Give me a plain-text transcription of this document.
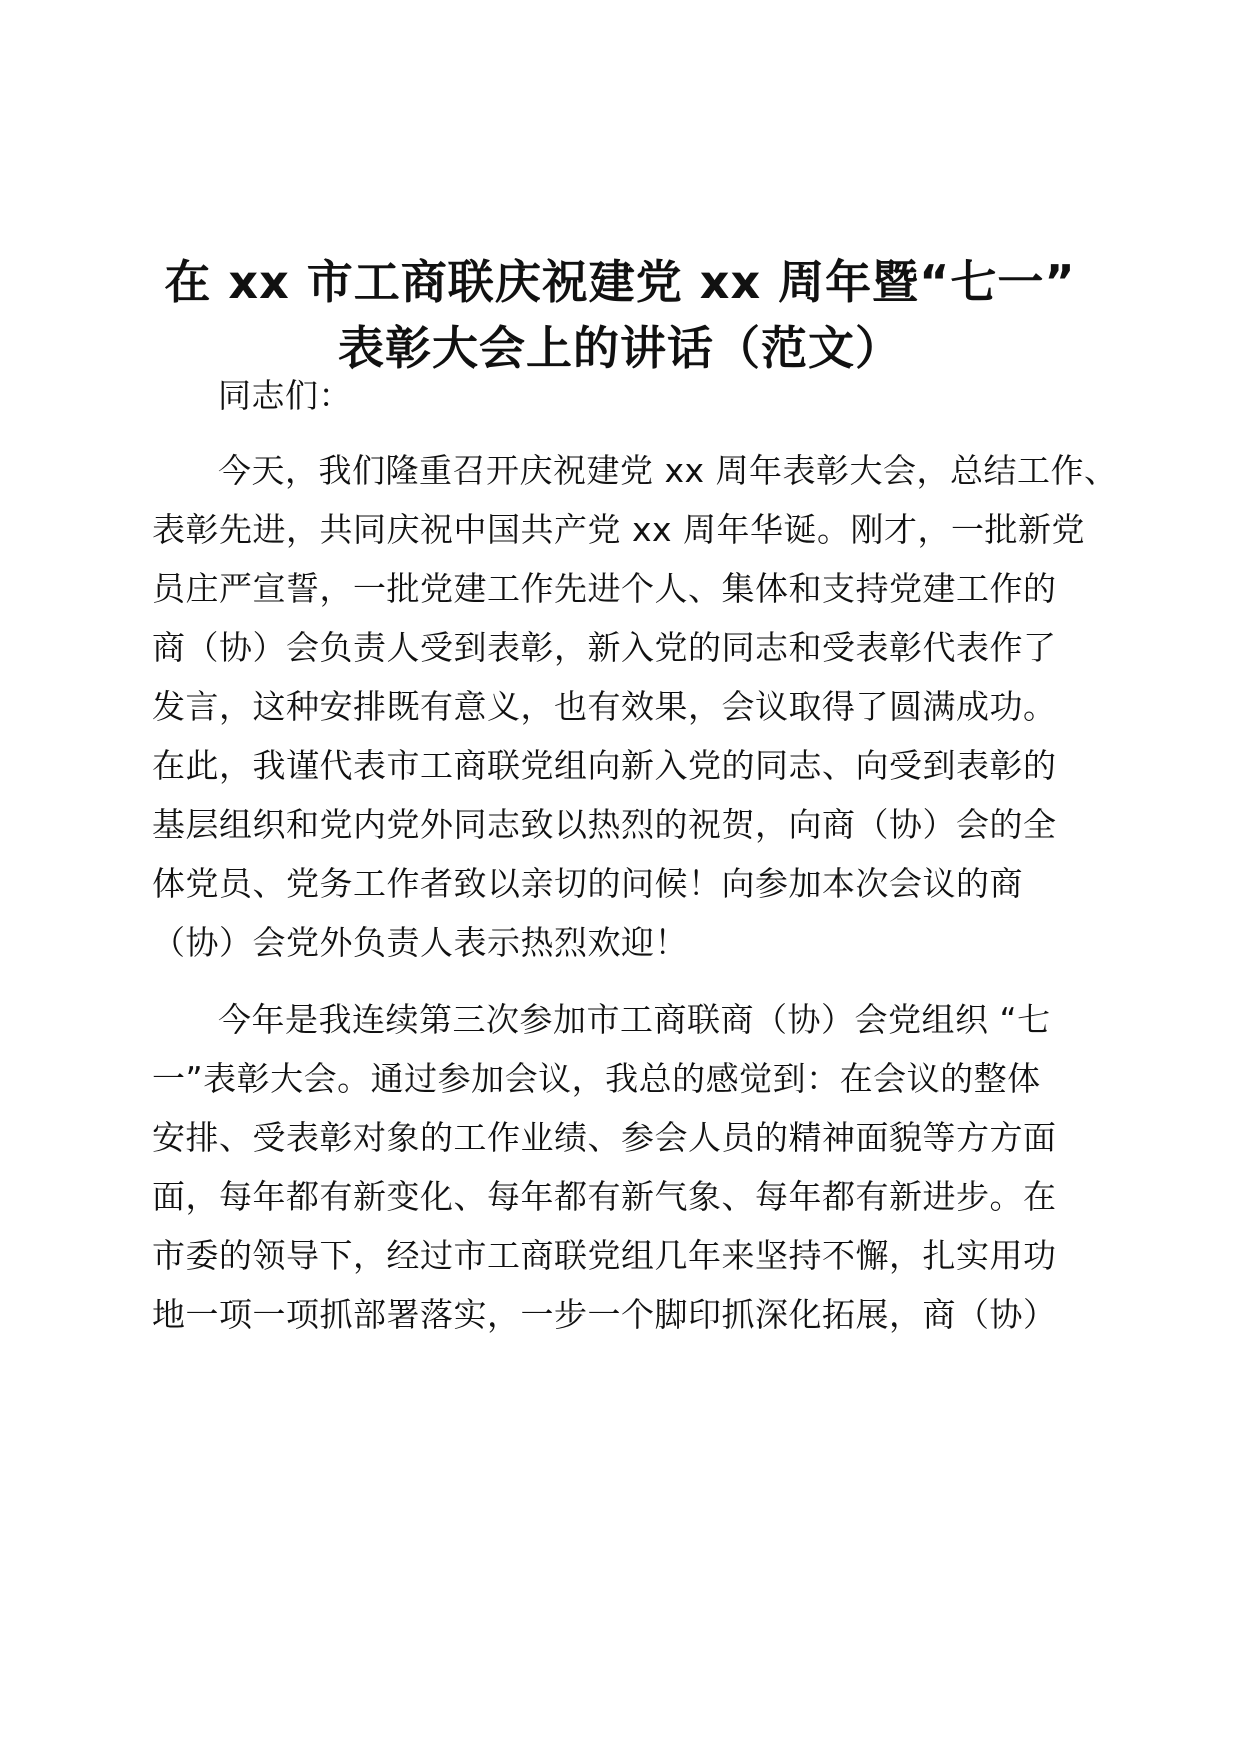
在 xx 市工商联庆祝建党 xx 周年暨“七一”
表彰大会上的讲话（范文）
同志们：
今天，我们隆重召开庆祝建党 xx 周年表彰大会，总结工作、
表彰先进，共同庆祝中国共产党 xx 周年华诞。刚才，一批新党
员庄严宣誓，一批党建工作先进个人、集体和支持党建工作的
商（协）会负责人受到表彰，新入党的同志和受表彰代表作了
发言，这种安排既有意义，也有效果，会议取得了圆满成功。
在此，我谨代表市工商联党组向新入党的同志、向受到表彰的
基层组织和党内党外同志致以热烈的祝贺，向商（协）会的全
体党员、党务工作者致以亲切的问候！向参加本次会议的商
（协）会党外负责人表示热烈欢迎！
今年是我连续第三次参加市工商联商（协）会党组织 “七
一”表彰大会。通过参加会议，我总的感觉到：在会议的整体
安排、受表彰对象的工作业绩、参会人员的精神面貌等方方面
面，每年都有新变化、每年都有新气象、每年都有新进步。在
市委的领导下，经过市工商联党组几年来坚持不懈，扎实用功
地一项一项抓部署落实，一步一个脚印抓深化拓展，商（协）
